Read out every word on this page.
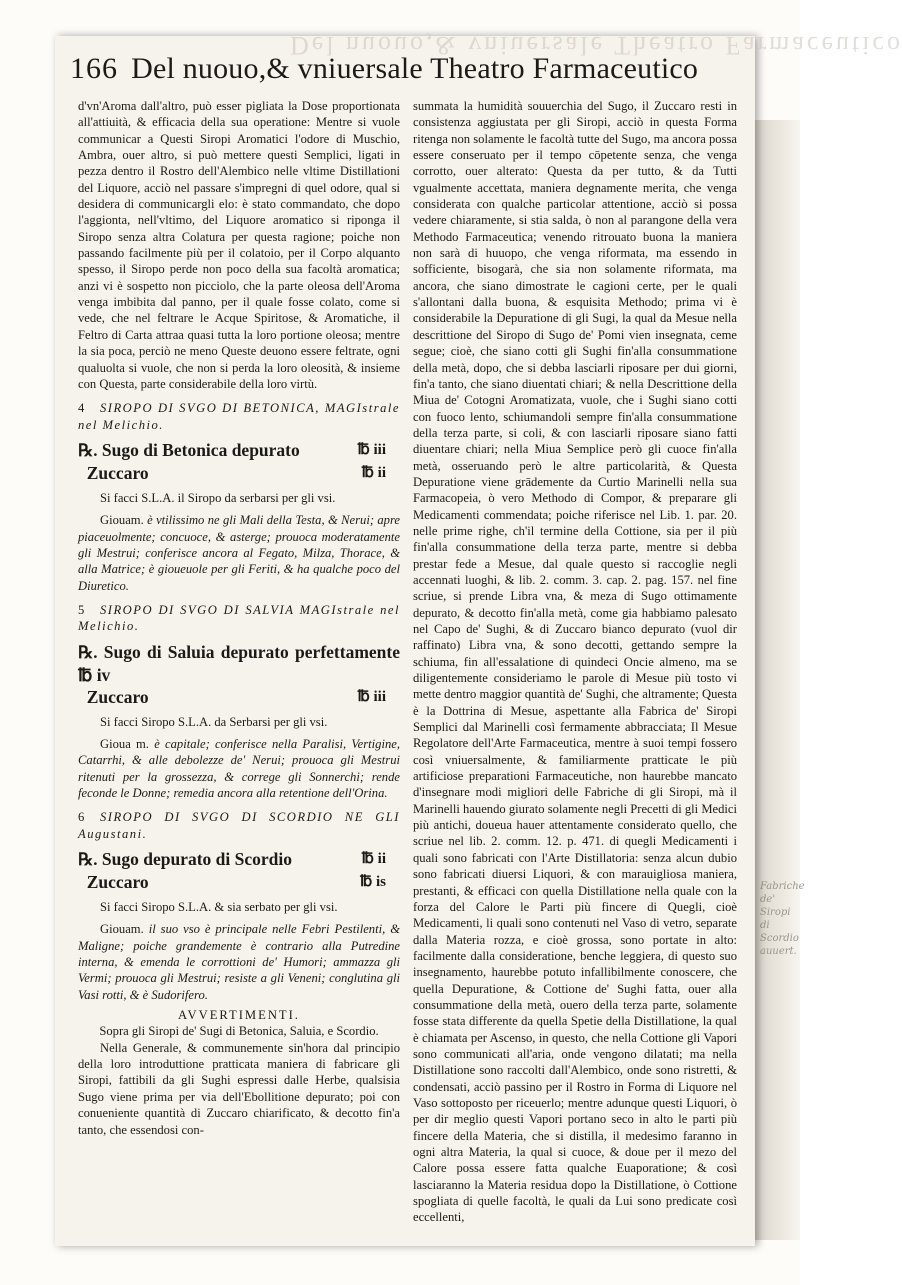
Fabriche
de' Siropi
di Scordio
auuert.
Del nuouo,& vniuersale Theatro Farmaceutico
166 Del nuouo,& vniuersale Theatro Farmaceutico

d'vn'Aroma dall'altro, può esser pigliata la Dose proportionata all'attiuità, & efficacia della sua operatione: Mentre si vuole communicar a Questi Siropi Aromatici l'odore di Muschio, Ambra, ouer altro, si può mettere questi Semplici, ligati in pezza dentro il Rostro dell'Alembico nelle vltime Distillationi del Liquore, acciò nel passare s'impregni di quel odore, qual si desidera di communicargli elo: è stato commandato, che dopo l'aggionta, nell'vltimo, del Liquore aromatico si riponga il Siropo senza altra Colatura per questa ragione; poiche non passando facilmente più per il colatoio, per il Corpo alquanto spesso, il Siropo perde non poco della sua facoltà aromatica; anzi vi è sospetto non picciolo, che la parte oleosa dell'Aroma venga imbibita dal panno, per il quale fosse colato, come si vede, che nel feltrare le Acque Spiritose, & Aromatiche, il Feltro di Carta attraa quasi tutta la loro portione oleosa; mentre la sia poca, perciò ne meno Queste deuono essere feltrate, ogni qualuolta si vuole, che non si perda la loro oleosità, & insieme con Questa, parte considerabile della loro virtù.

4 SIROPO DI SVGO DI BETONICA, MAGIstrale nel Melichio.

℔ iii
℞. Sugo di Betonica depurato
℔ ii
Zuccaro

Si facci S.L.A. il Siropo da serbarsi per gli vsi.

Giouam. è vtilissimo ne gli Mali della Testa, & Nerui; apre piaceuolmente; concuoce, & asterge; prouoca moderatamente gli Mestrui; conferisce ancora al Fegato, Milza, Thorace, & alla Matrice; è gioueuole per gli Feriti, & ha qualche poco del Diuretico.

5 SIROPO DI SVGO DI SALVIA MAGIstrale nel Melichio.

℞. Sugo di Saluia depurato perfettamente ℔ iv
℔ iii
Zuccaro

Si facci Siropo S.L.A. da Serbarsi per gli vsi.

Gioua m. è capitale; conferisce nella Paralisi, Vertigine, Catarrhi, & alle debolezze de' Nerui; prouoca gli Mestrui ritenuti per la grossezza, & correge gli Sonnerchi; rende feconde le Donne; remedia ancora alla retentione dell'Orina.

6 SIROPO DI SVGO DI SCORDIO NE GLI Augustani.

℔ ii
℞. Sugo depurato di Scordio
℔ is
Zuccaro

Si facci Siropo S.L.A. & sia serbato per gli vsi.

Giouam. il suo vso è principale nelle Febri Pestilenti, & Maligne; poiche grandemente è contrario alla Putredine interna, & emenda le corrottioni de' Humori; ammazza gli Vermi; prouoca gli Mestrui; resiste a gli Veneni; conglutina gli Vasi rotti, & è Sudorifero.

AVVERTIMENTI.

Sopra gli Siropi de' Sugi di Betonica, Saluia, e Scordio.

Nella Generale, & communemente sin'hora dal principio della loro introduttione pratticata maniera di fabricare gli Siropi, fattibili da gli Sughi espressi dalle Herbe, qualsisia Sugo viene prima per via dell'Ebollitione depurato; poi con conueniente quantità di Zuccaro chiarificato, & decotto fin'a tanto, che essendosi con-

summata la humidità souuerchia del Sugo, il Zuccaro resti in consistenza aggiustata per gli Siropi, acciò in questa Forma ritenga non solamente le facoltà tutte del Sugo, ma ancora possa essere conseruato per il tempo cōpetente senza, che venga corrotto, ouer alterato: Questa da per tutto, & da Tutti vgualmente accettata, maniera degnamente merita, che venga considerata con qualche particolar attentione, acciò si possa vedere chiaramente, si stia salda, ò non al parangone della vera Methodo Farmaceutica; venendo ritrouato buona la maniera non sarà di huuopo, che venga riformata, ma essendo in sofficiente, bisogarà, che sia non solamente riformata, ma ancora, che siano dimostrate le cagioni certe, per le quali s'allontani dalla buona, & esquisita Methodo; prima vi è considerabile la Depuratione di gli Sugi, la qual da Mesue nella descrittione del Siropo di Sugo de' Pomi vien insegnata, ceme segue; cioè, che siano cotti gli Sughi fin'alla consummatione della metà, dopo, che si debba lasciarli riposare per dui giorni, fin'a tanto, che siano diuentati chiari; & nella Descrittione della Miua de' Cotogni Aromatizata, vuole, che i Sughi siano cotti con fuoco lento, schiumandoli sempre fin'alla consummatione della terza parte, si coli, & con lasciarli riposare siano fatti diuentare chiari; nella Miua Semplice però gli cuoce fin'alla metà, osseruando però le altre particolarità, & Questa Depuratione viene grādemente da Curtio Marinelli nella sua Farmacopeia, ò vero Methodo di Compor, & preparare gli Medicamenti commendata; poiche riferisce nel Lib. 1. par. 20. nelle prime righe, ch'il termine della Cottione, sia per il più fin'alla consummatione della terza parte, mentre si debba prestar fede a Mesue, dal quale questo si raccoglie negli accennati luoghi, & lib. 2. comm. 3. cap. 2. pag. 157. nel fine scriue, si prende Libra vna, & meza di Sugo ottimamente depurato, & decotto fin'alla metà, come gia habbiamo palesato nel Capo de' Sughi, & di Zuccaro bianco depurato (vuol dir raffinato) Libra vna, & sono decotti, gettando sempre la schiuma, fin all'essalatione di quindeci Oncie almeno, ma se diligentemente consideriamo le parole di Mesue più tosto vi mette dentro maggior quantità de' Sughi, che altramente; Questa è la Dottrina di Mesue, aspettante alla Fabrica de' Siropi Semplici dal Marinelli così fermamente abbracciata; Il Mesue Regolatore dell'Arte Farmaceutica, mentre à suoi tempi fossero così vniuersalmente, & familiarmente pratticate le più artificiose preparationi Farmaceutiche, non haurebbe mancato d'insegnare modi migliori delle Fabriche di gli Siropi, mà il Marinelli hauendo giurato solamente negli Precetti di gli Medici più antichi, doueua hauer attentamente considerato quello, che scriue nel lib. 2. comm. 12. p. 471. di quegli Medicamenti i quali sono fabricati con l'Arte Distillatoria: senza alcun dubio sono fabricati diuersi Liquori, & con marauigliosa maniera, prestanti, & efficaci con quella Distillatione nella quale con la forza del Calore le Parti più fincere di Quegli, cioè Medicamenti, li quali sono contenuti nel Vaso di vetro, separate dalla Materia rozza, e cioè grossa, sono portate in alto: facilmente dalla consideratione, benche leggiera, di questo suo insegnamento, haurebbe potuto infallibilmente conoscere, che quella Depuratione, & Cottione de' Sughi fatta, ouer alla consummatione della metà, ouero della terza parte, solamente fosse stata differente da quella Spetie della Distillatione, la qual è chiamata per Ascenso, in questo, che nella Cottione gli Vapori sono communicati all'aria, onde vengono dilatati; ma nella Distillatione sono raccolti dall'Alembico, onde sono ristretti, & condensati, acciò passino per il Rostro in Forma di Liquore nel Vaso sottoposto per riceuerlo; mentre adunque questi Liquori, ò per dir meglio questi Vapori portano seco in alto le parti più fincere della Materia, che si distilla, il medesimo faranno in ogni altra Materia, la qual si cuoce, & doue per il mezo del Calore possa essere fatta qualche Euaporatione; & così lasciaranno la Materia residua dopo la Distillatione, ò Cottione spogliata di quelle facoltà, le quali da Lui sono predicate così eccellenti,
